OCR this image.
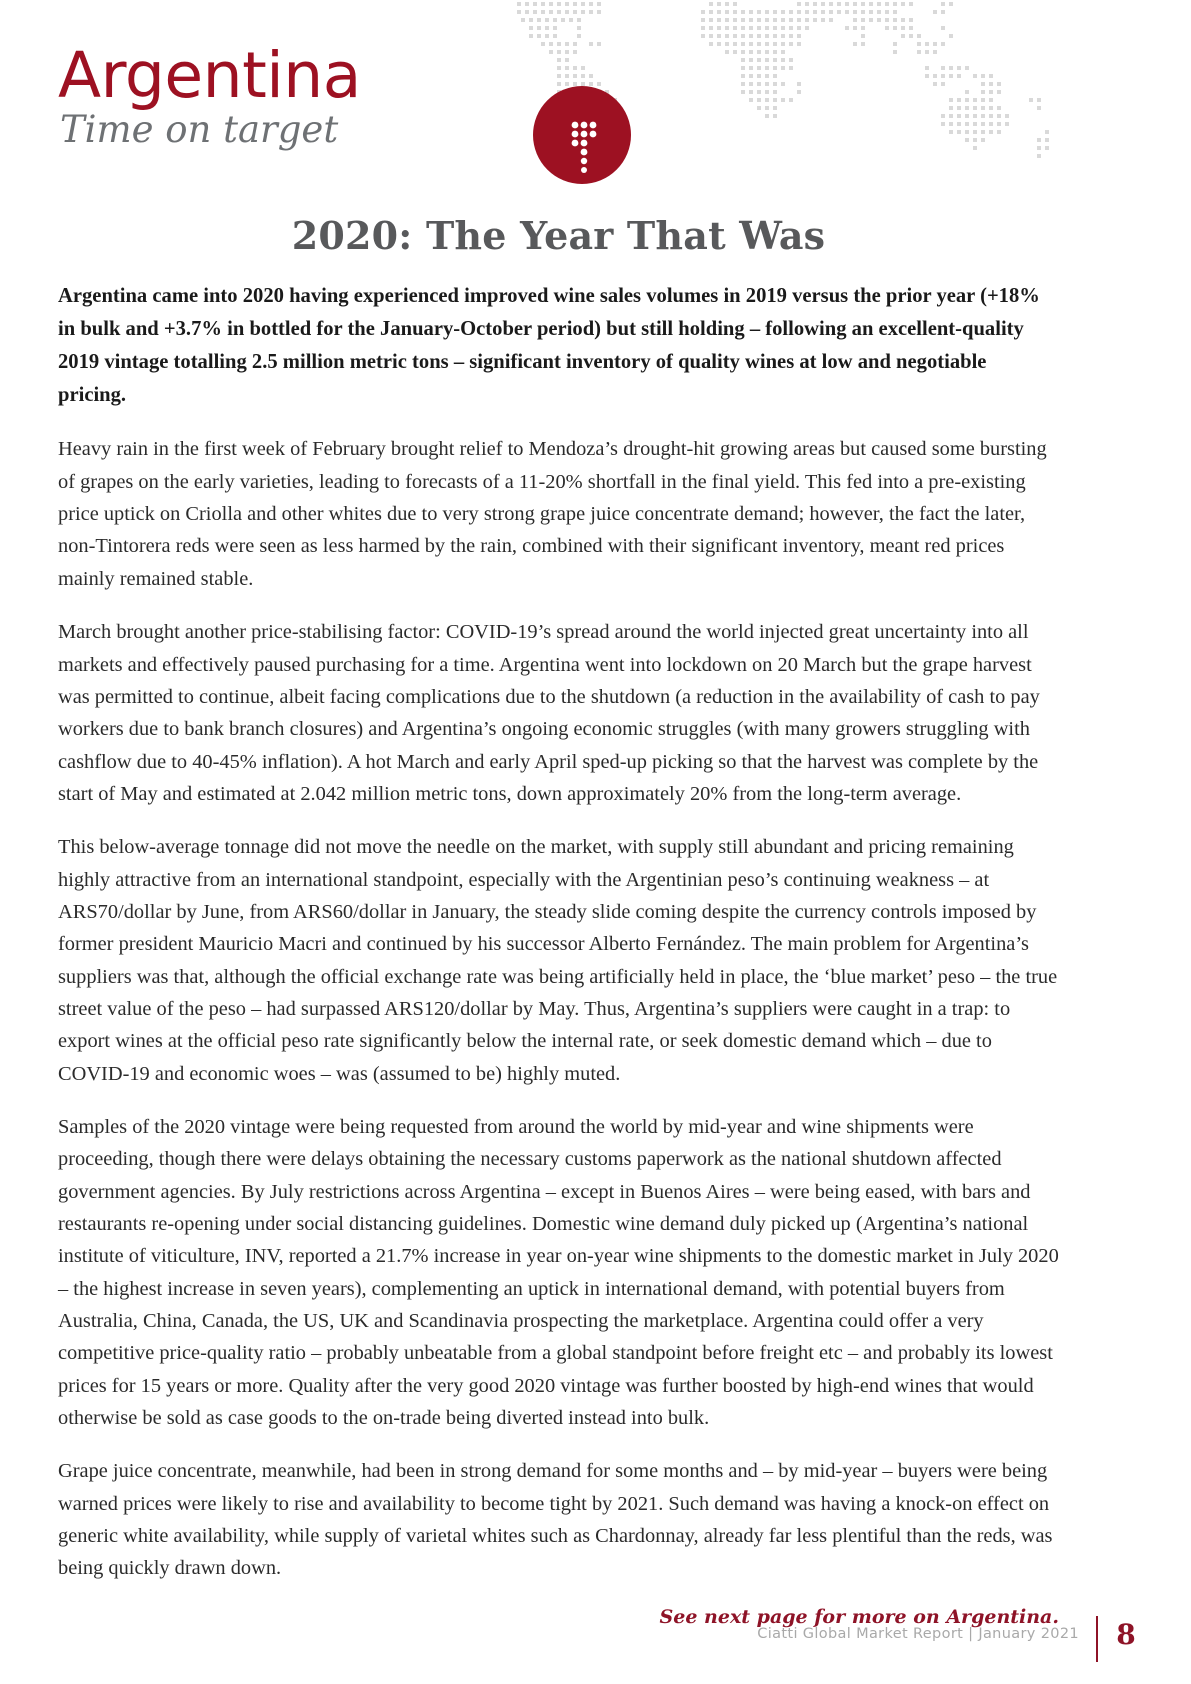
Argentina
Time on target
2020: The Year That Was

Argentina came into 2020 having experienced improved wine sales volumes in 2019 versus the prior year (+18% in bulk and +3.7% in bottled for the January-October period) but still holding – following an excellent-quality 2019 vintage totalling 2.5 million metric tons – significant inventory of quality wines at low and negotiable pricing.

Heavy rain in the first week of February brought relief to Mendoza’s drought-hit growing areas but caused some bursting of grapes on the early varieties, leading to forecasts of a 11-20% shortfall in the final yield. This fed into a pre-existing price uptick on Criolla and other whites due to very strong grape juice concentrate demand; however, the fact the later, non-Tintorera reds were seen as less harmed by the rain, combined with their significant inventory, meant red prices mainly remained stable.

March brought another price-stabilising factor: COVID-19’s spread around the world injected great uncertainty into all markets and effectively paused purchasing for a time. Argentina went into lockdown on 20 March but the grape harvest was permitted to continue, albeit facing complications due to the shutdown (a reduction in the availability of cash to pay workers due to bank branch closures) and Argentina’s ongoing economic struggles (with many growers struggling with cashflow due to 40-45% inflation). A hot March and early April sped-up picking so that the harvest was complete by the start of May and estimated at 2.042 million metric tons, down approximately 20% from the long-term average.

This below-average tonnage did not move the needle on the market, with supply still abundant and pricing remaining highly attractive from an international standpoint, especially with the Argentinian peso’s continuing weakness – at ARS70/dollar by June, from ARS60/dollar in January, the steady slide coming despite the currency controls imposed by former president Mauricio Macri and continued by his successor Alberto Fernández. The main problem for Argentina’s suppliers was that, although the official exchange rate was being artificially held in place, the ‘blue market’ peso – the true street value of the peso – had surpassed ARS120/dollar by May. Thus, Argentina’s suppliers were caught in a trap: to export wines at the official peso rate significantly below the internal rate, or seek domestic demand which – due to COVID-19 and economic woes – was (assumed to be) highly muted.

Samples of the 2020 vintage were being requested from around the world by mid-year and wine shipments were proceeding, though there were delays obtaining the necessary customs paperwork as the national shutdown affected government agencies. By July restrictions across Argentina – except in Buenos Aires – were being eased, with bars and restaurants re-opening under social distancing guidelines. Domestic wine demand duly picked up (Argentina’s national institute of viticulture, INV, reported a 21.7% increase in year on-year wine shipments to the domestic market in July 2020 – the highest increase in seven years), complementing an uptick in international demand, with potential buyers from Australia, China, Canada, the US, UK and Scandinavia prospecting the marketplace. Argentina could offer a very competitive price-quality ratio – probably unbeatable from a global standpoint before freight etc – and probably its lowest prices for 15 years or more. Quality after the very good 2020 vintage was further boosted by high-end wines that would otherwise be sold as case goods to the on-trade being diverted instead into bulk.

Grape juice concentrate, meanwhile, had been in strong demand for some months and – by mid-year – buyers were being warned prices were likely to rise and availability to become tight by 2021. Such demand was having a knock-on effect on generic white availability, while supply of varietal whites such as Chardonnay, already far less plentiful than the reds, was being quickly drawn down.

See next page for more on Argentina.

Ciatti Global Market Report | January 2021 8
